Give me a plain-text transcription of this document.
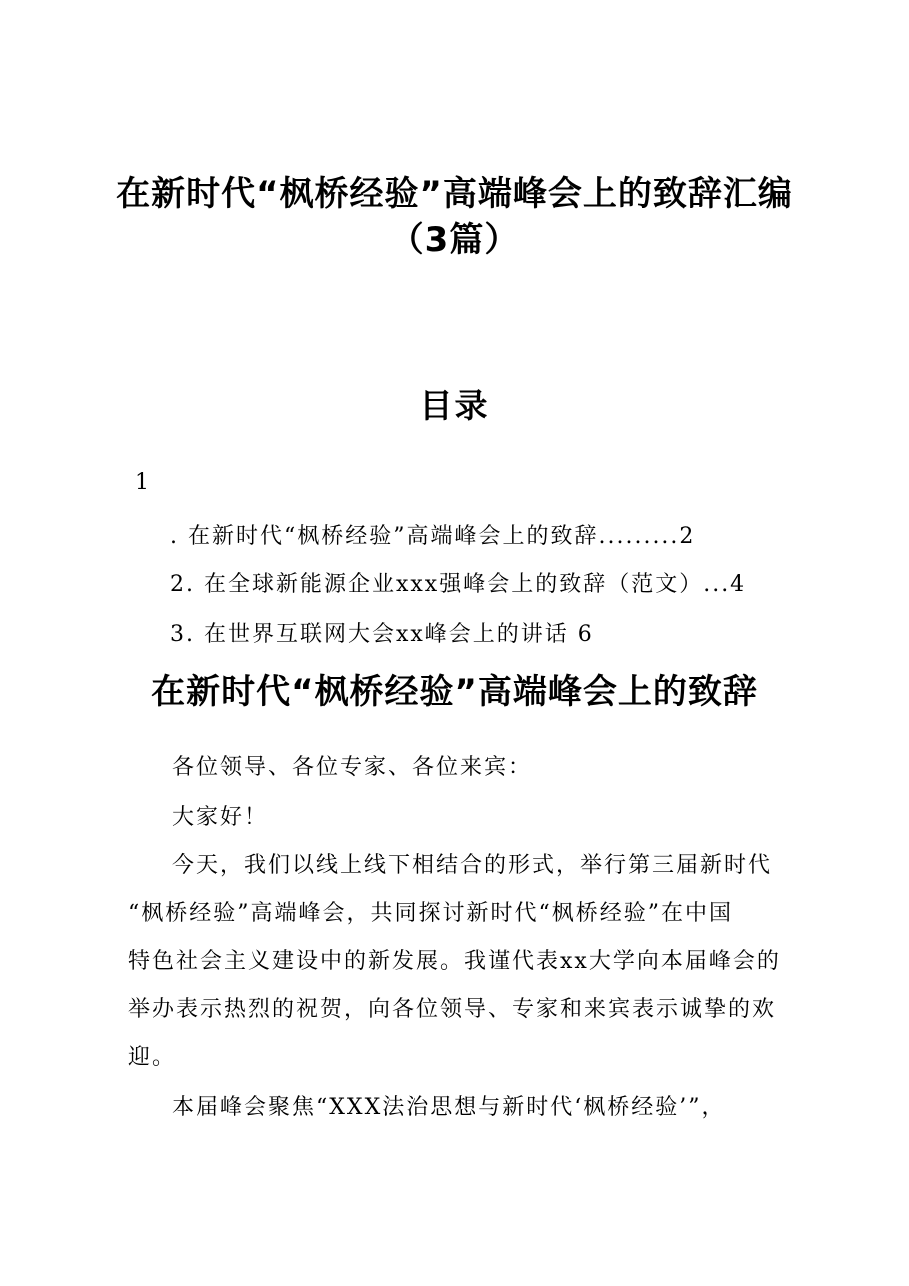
在新时代“枫桥经验”高端峰会上的致辞汇编
（3篇）
目录
1
. 在新时代“枫桥经验”高端峰会上的致辞.........2
2. 在全球新能源企业xxx强峰会上的致辞（范文）...4
3. 在世界互联网大会xx峰会上的讲话 6
在新时代“枫桥经验”高端峰会上的致辞
各位领导、各位专家、各位来宾：
大家好！
今天，我们以线上线下相结合的形式，举行第三届新时代
“枫桥经验”高端峰会，共同探讨新时代“枫桥经验”在中国
特色社会主义建设中的新发展。我谨代表xx大学向本届峰会的
举办表示热烈的祝贺，向各位领导、专家和来宾表示诚挚的欢
迎。
本届峰会聚焦“XXX法治思想与新时代‘枫桥经验’”，
